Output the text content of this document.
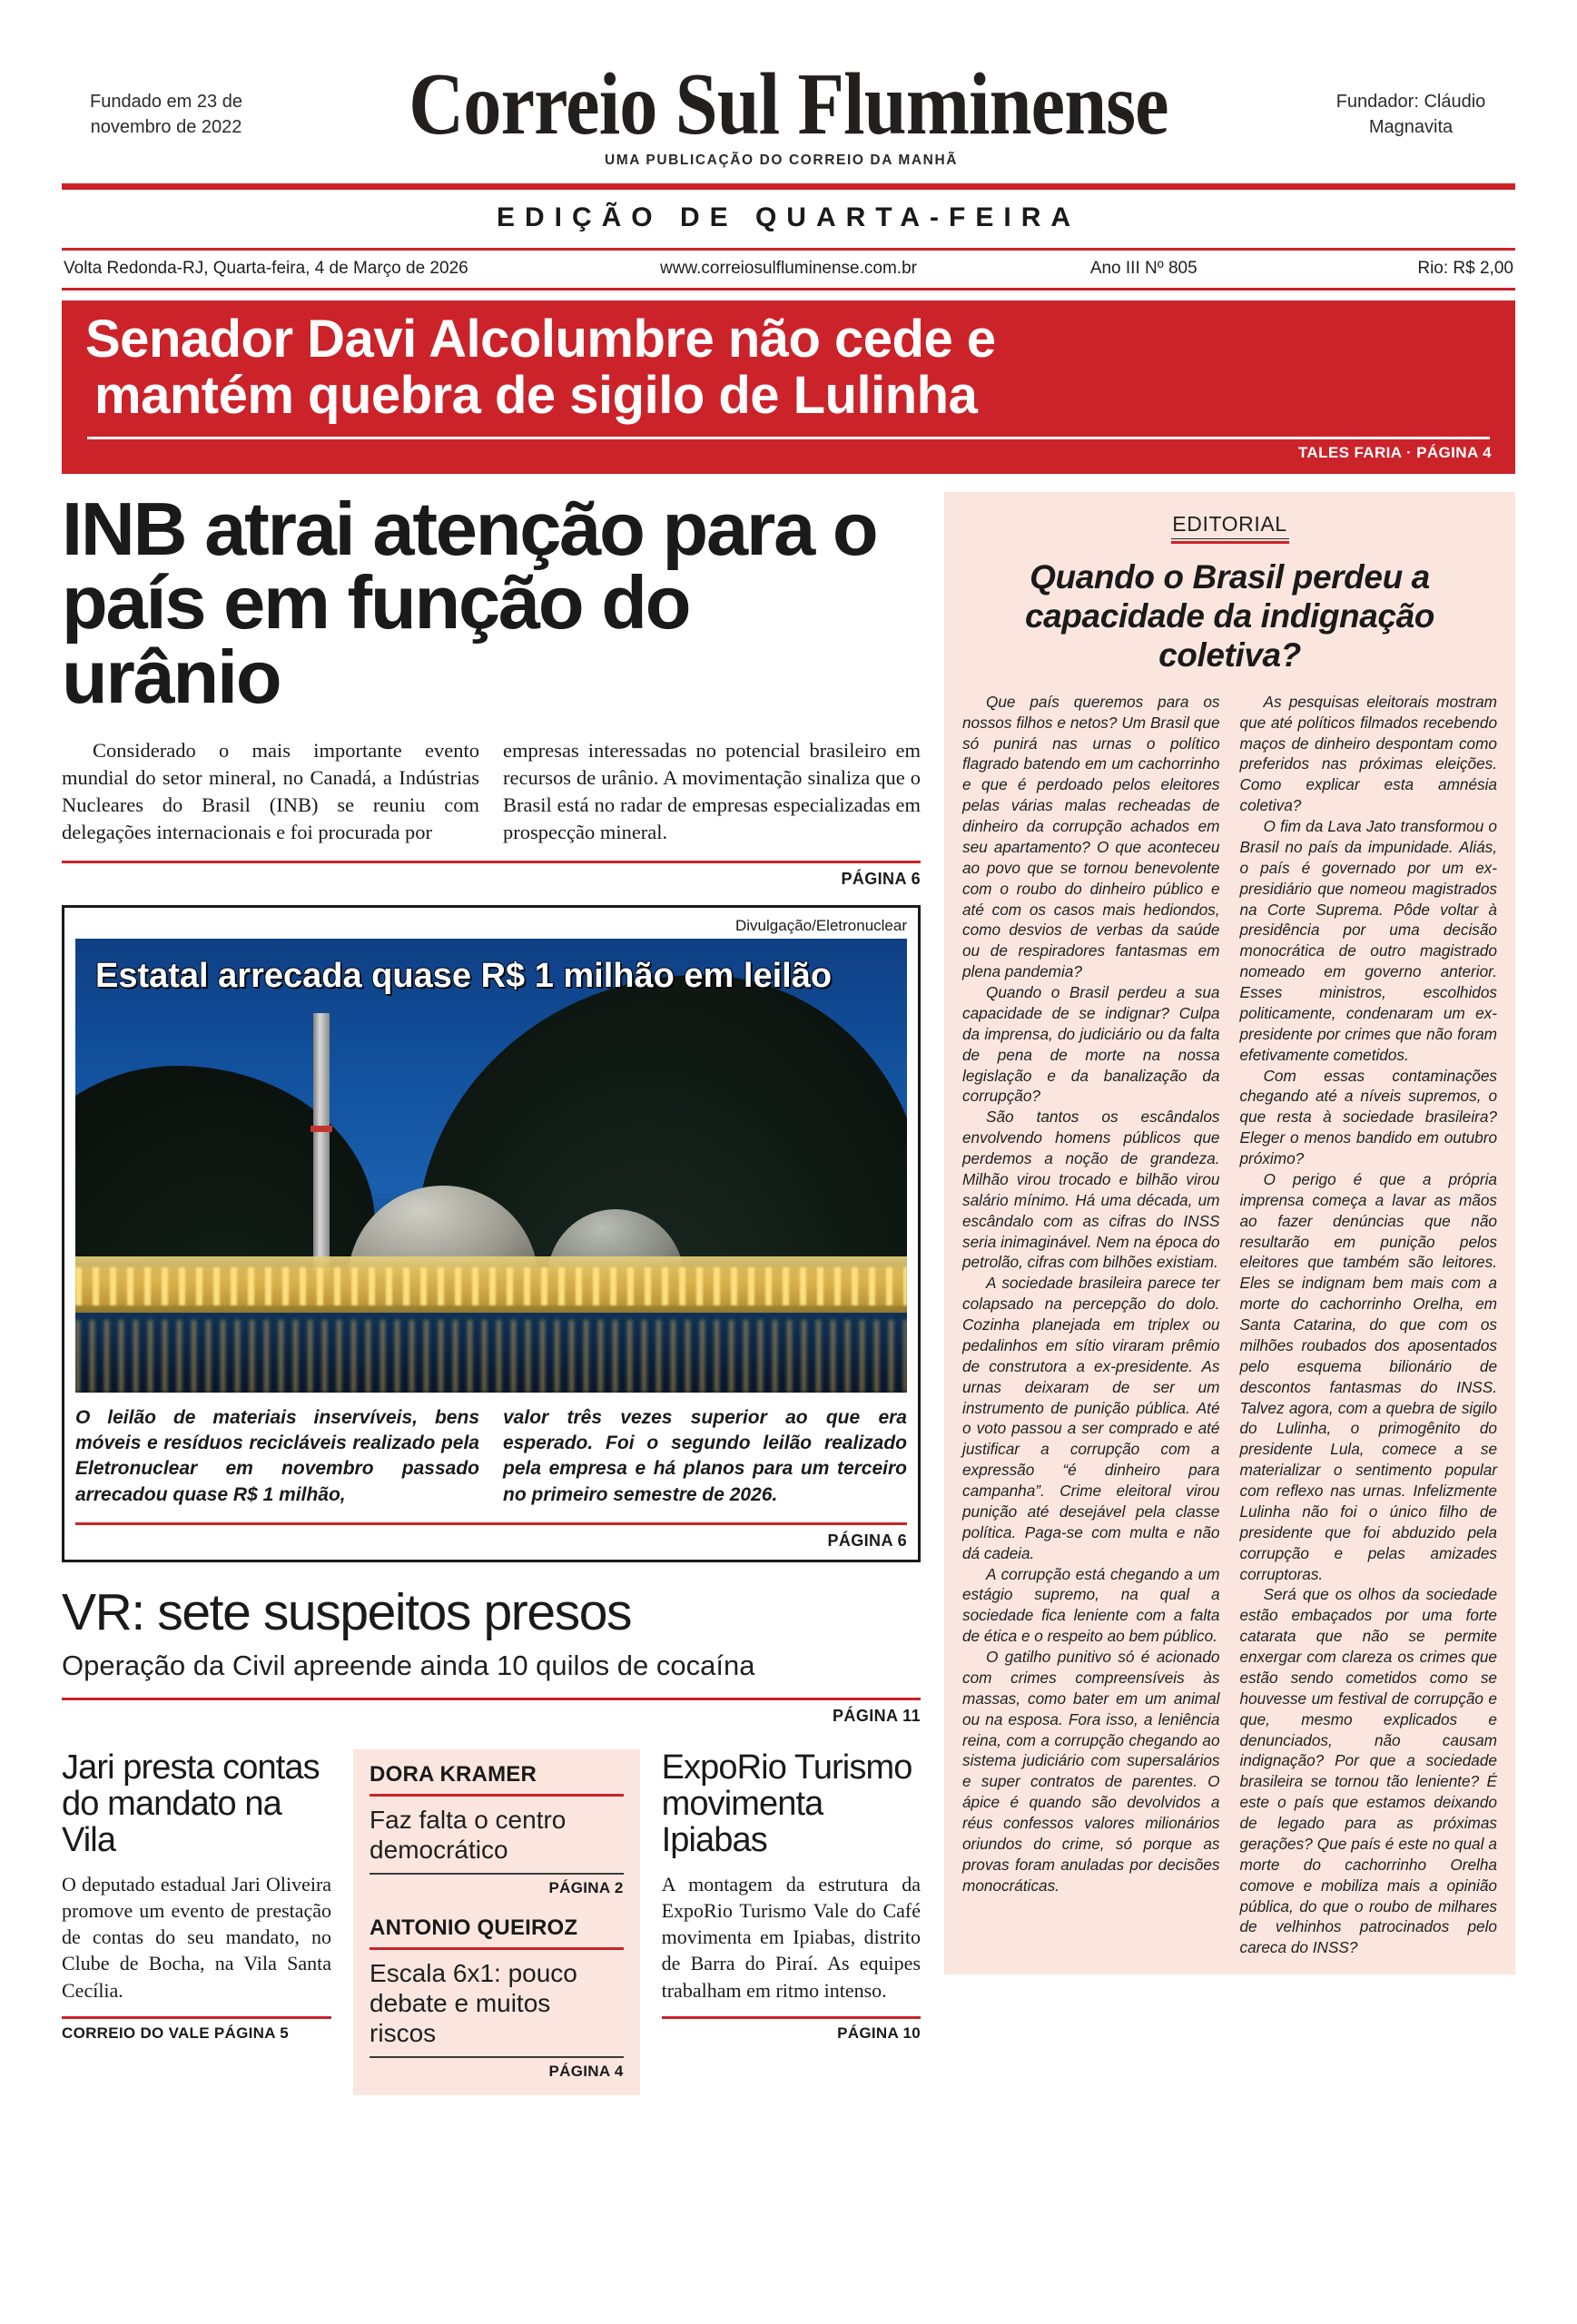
Fundado em 23 de novembro de 2022	Correio Sul Fluminense
UMA PUBLICAÇÃO DO CORREIO DA MANHÃ
Fundador: Cláudio Magnavita
EDIÇÃO DE QUARTA-FEIRA
Volta Redonda-RJ, Quarta-feira, 4 de Março de 2026	www.correiosulfluminense.com.br	Ano III Nº 805	Rio: R$ 2,00
Senador Davi Alcolumbre não cede e
mantém quebra de sigilo de Lulinha
TALES FARIA · PÁGINA 4
INB atrai atenção para o país em função do urânio

Considerado o mais importante evento mundial do setor mineral, no Canadá, a Indústrias Nucleares do Brasil (INB) se reuniu com delegações internacionais e foi procurada por

empresas interessadas no potencial brasileiro em recursos de urânio. A movimentação sinaliza que o Brasil está no radar de empresas especializadas em prospecção mineral.

PÁGINA 6
Divulgação/Eletronuclear
Estatal arrecada quase R$ 1 milhão em leilão

O leilão de materiais inservíveis, bens móveis e resíduos recicláveis realizado pela Eletronuclear em novembro passado arrecadou quase R$ 1 milhão,

valor três vezes superior ao que era esperado. Foi o segundo leilão realizado pela empresa e há planos para um terceiro no primeiro semestre de 2026.

PÁGINA 6
VR: sete suspeitos presos
Operação da Civil apreende ainda 10 quilos de cocaína
PÁGINA 11
Jari presta contas do mandato na Vila
O deputado estadual Jari Oliveira promove um evento de prestação de contas do seu mandato, no Clube de Bocha, na Vila Santa Cecília.
CORREIO DO VALE PÁGINA 5
DORA KRAMER
Faz falta o centro democrático
PÁGINA 2
ANTONIO QUEIROZ
Escala 6x1: pouco debate e muitos riscos
PÁGINA 4
ExpoRio Turismo movimenta Ipiabas
A montagem da estrutura da ExpoRio Turismo Vale do Café movimenta em Ipiabas, distrito de Barra do Piraí. As equipes trabalham em ritmo intenso.
PÁGINA 10
EDITORIAL
Quando o Brasil perdeu a capacidade da indignação coletiva?

Que país queremos para os nossos filhos e netos? Um Brasil que só punirá nas urnas o político flagrado batendo em um cachorrinho e que é perdoado pelos eleitores pelas várias malas recheadas de dinheiro da corrupção achados em seu apartamento? O que aconteceu ao povo que se tornou benevolente com o roubo do dinheiro público e até com os casos mais hediondos, como desvios de verbas da saúde ou de respiradores fantasmas em plena pandemia?

Quando o Brasil perdeu a sua capacidade de se indignar? Culpa da imprensa, do judiciário ou da falta de pena de morte na nossa legislação e da banalização da corrupção?

São tantos os escândalos envolvendo homens públicos que perdemos a noção de grandeza. Milhão virou trocado e bilhão virou salário mínimo. Há uma década, um escândalo com as cifras do INSS seria inimaginável. Nem na época do petrolão, cifras com bilhões existiam.

A sociedade brasileira parece ter colapsado na percepção do dolo. Cozinha planejada em triplex ou pedalinhos em sítio viraram prêmio de construtora a ex-presidente. As urnas deixaram de ser um instrumento de punição pública. Até o voto passou a ser comprado e até justificar a corrupção com a expressão “é dinheiro para campanha”. Crime eleitoral virou punição até desejável pela classe política. Paga-se com multa e não dá cadeia.

A corrupção está chegando a um estágio supremo, na qual a sociedade fica leniente com a falta de ética e o respeito ao bem público.

O gatilho punitivo só é acionado com crimes compreensíveis às massas, como bater em um animal ou na esposa. Fora isso, a leniência reina, com a corrupção chegando ao sistema judiciário com supersalários e super contratos de parentes. O ápice é quando são devolvidos a réus confessos valores milionários oriundos do crime, só porque as provas foram anuladas por decisões monocráticas.

As pesquisas eleitorais mostram que até políticos filmados recebendo maços de dinheiro despontam como preferidos nas próximas eleições. Como explicar esta amnésia coletiva?

O fim da Lava Jato transformou o Brasil no país da impunidade. Aliás, o país é governado por um ex-presidiário que nomeou magistrados na Corte Suprema. Pôde voltar à presidência por uma decisão monocrática de outro magistrado nomeado em governo anterior. Esses ministros, escolhidos politicamente, condenaram um ex-presidente por crimes que não foram efetivamente cometidos.

Com essas contaminações chegando até a níveis supremos, o que resta à sociedade brasileira? Eleger o menos bandido em outubro próximo?

O perigo é que a própria imprensa começa a lavar as mãos ao fazer denúncias que não resultarão em punição pelos eleitores que também são leitores. Eles se indignam bem mais com a morte do cachorrinho Orelha, em Santa Catarina, do que com os milhões roubados dos aposentados pelo esquema bilionário de descontos fantasmas do INSS. Talvez agora, com a quebra de sigilo do Lulinha, o primogênito do presidente Lula, comece a se materializar o sentimento popular com reflexo nas urnas. Infelizmente Lulinha não foi o único filho de presidente que foi abduzido pela corrupção e pelas amizades corruptoras.

Será que os olhos da sociedade estão embaçados por uma forte catarata que não se permite enxergar com clareza os crimes que estão sendo cometidos como se houvesse um festival de corrupção e que, mesmo explicados e denunciados, não causam indignação? Por que a sociedade brasileira se tornou tão leniente? É este o país que estamos deixando de legado para as próximas gerações? Que país é este no qual a morte do cachorrinho Orelha comove e mobiliza mais a opinião pública, do que o roubo de milhares de velhinhos patrocinados pelo careca do INSS?
